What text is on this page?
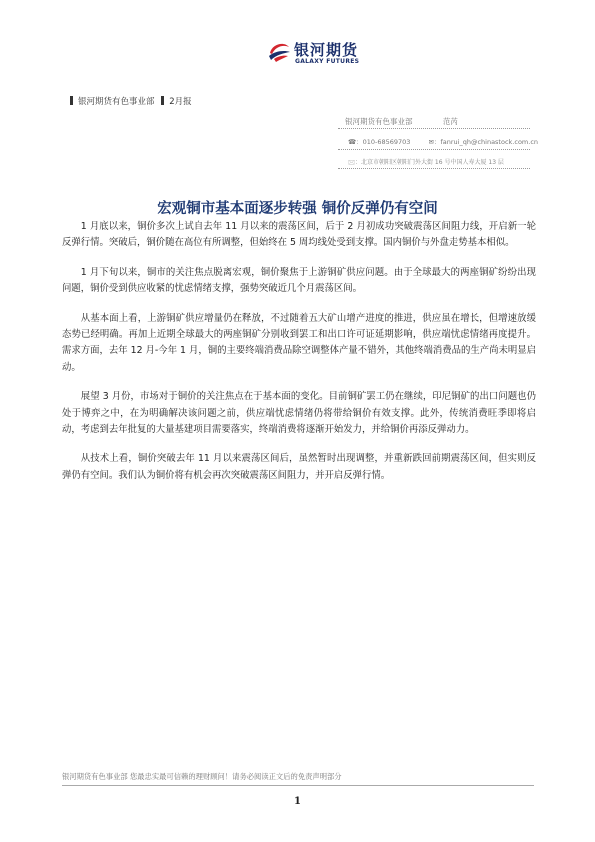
银河期货
GALAXY FUTURES
银河期货有色事业部 2月报
银河期货有色事业部	范芮
☎：010-68569703	✉：fanrui_qh@chinastock.com.cn
🖂：北京市朝阳区朝阳门外大街 16 号中国人寿大厦 13 层
宏观铜市基本面逐步转强 铜价反弹仍有空间

1 月底以来，铜价多次上试自去年 11 月以来的震荡区间，后于 2 月初成功突破震荡区间阻力线，开启新一轮反弹行情。突破后，铜价随在高位有所调整，但始终在 5 周均线处受到支撑。国内铜价与外盘走势基本相似。

1 月下旬以来，铜市的关注焦点脱离宏观，铜价聚焦于上游铜矿供应问题。由于全球最大的两座铜矿纷纷出现问题，铜价受到供应收紧的忧虑情绪支撑，强势突破近几个月震荡区间。

从基本面上看，上游铜矿供应增量仍在释放，不过随着五大矿山增产进度的推进，供应虽在增长，但增速放缓态势已经明确。再加上近期全球最大的两座铜矿分别收到罢工和出口许可证延期影响，供应端忧虑情绪再度提升。需求方面，去年 12 月-今年 1 月，铜的主要终端消费品除空调整体产量不错外，其他终端消费品的生产尚未明显启动。

展望 3 月份，市场对于铜价的关注焦点在于基本面的变化。目前铜矿罢工仍在继续，印尼铜矿的出口问题也仍处于博弈之中，在为明确解决该问题之前，供应端忧虑情绪仍将带给铜价有效支撑。此外，传统消费旺季即将启动，考虑到去年批复的大量基建项目需要落实，终端消费将逐渐开始发力，并给铜价再添反弹动力。

从技术上看，铜价突破去年 11 月以来震荡区间后，虽然暂时出现调整，并重新跌回前期震荡区间，但实则反弹仍有空间。我们认为铜价将有机会再次突破震荡区间阻力，并开启反弹行情。

银河期货有色事业部 您最忠实最可信赖的理财顾问！请务必阅读正文后的免责声明部分
1
